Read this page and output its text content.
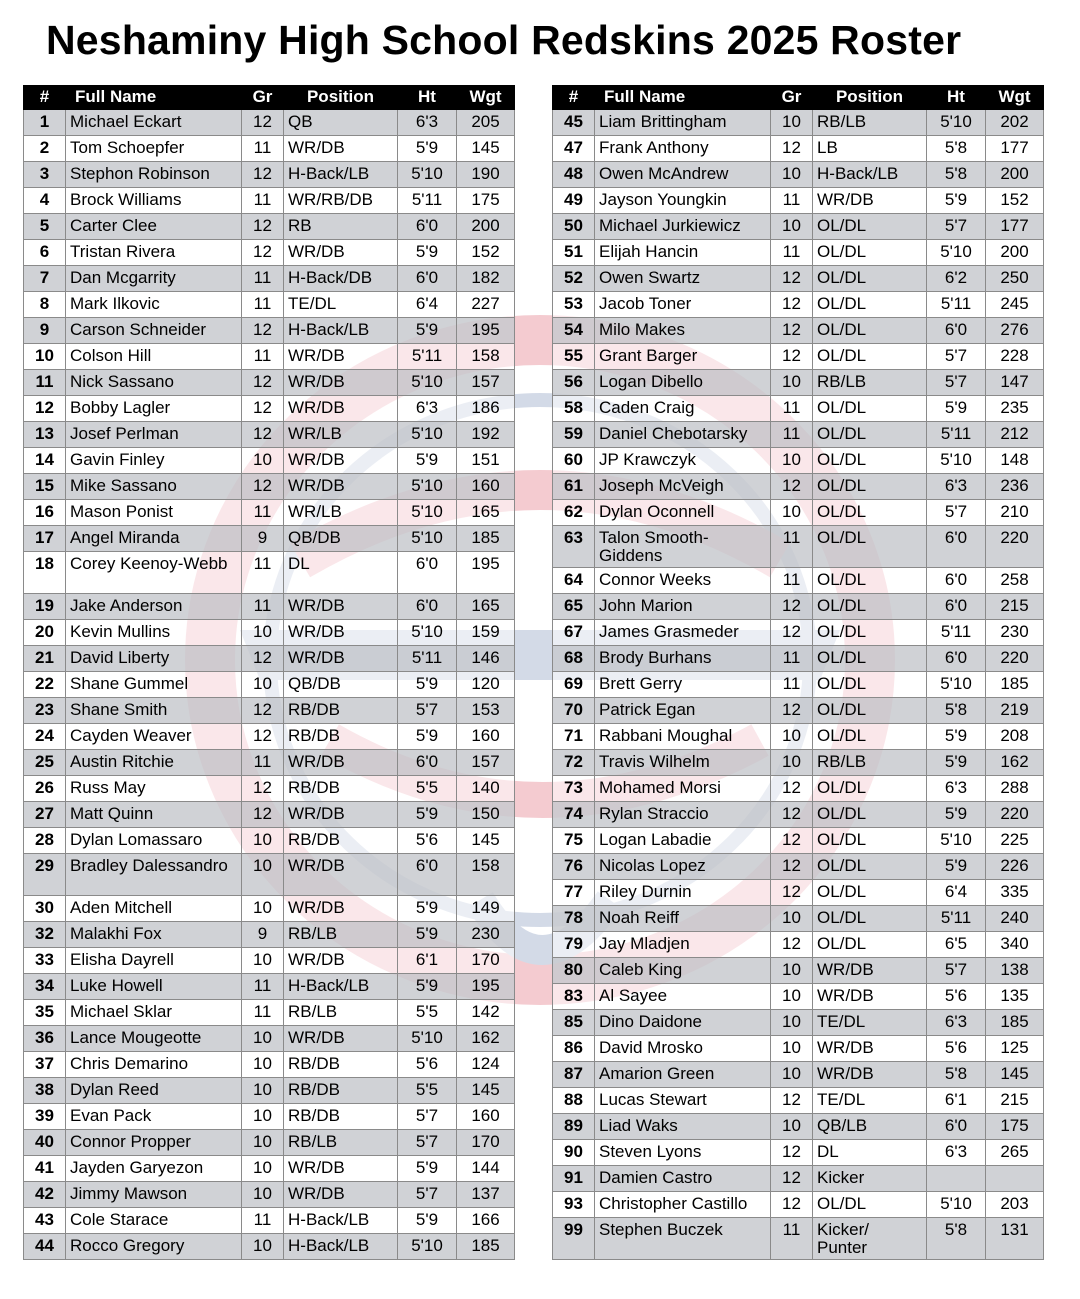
Neshaminy High School Redskins 2025 Roster
#	Full Name	Gr	Position	Ht	Wgt
1	Michael Eckart	12	QB	6'3	205
2	Tom Schoepfer	11	WR/DB	5'9	145
3	Stephon Robinson	12	H-Back/LB	5'10	190
4	Brock Williams	11	WR/RB/DB	5'11	175
5	Carter Clee	12	RB	6'0	200
6	Tristan Rivera	12	WR/DB	5'9	152
7	Dan Mcgarrity	11	H-Back/DB	6'0	182
8	Mark Ilkovic	11	TE/DL	6'4	227
9	Carson Schneider	12	H-Back/LB	5'9	195
10	Colson Hill	11	WR/DB	5'11	158
11	Nick Sassano	12	WR/DB	5'10	157
12	Bobby Lagler	12	WR/DB	6'3	186
13	Josef Perlman	12	WR/LB	5'10	192
14	Gavin Finley	10	WR/DB	5'9	151
15	Mike Sassano	12	WR/DB	5'10	160
16	Mason Ponist	11	WR/LB	5'10	165
17	Angel Miranda	9	QB/DB	5'10	185
18	Corey Keenoy-Webb	11	DL	6'0	195
19	Jake Anderson	11	WR/DB	6'0	165
20	Kevin Mullins	10	WR/DB	5'10	159
21	David Liberty	12	WR/DB	5'11	146
22	Shane Gummel	10	QB/DB	5'9	120
23	Shane Smith	12	RB/DB	5'7	153
24	Cayden Weaver	12	RB/DB	5'9	160
25	Austin Ritchie	11	WR/DB	6'0	157
26	Russ May	12	RB/DB	5'5	140
27	Matt Quinn	12	WR/DB	5'9	150
28	Dylan Lomassaro	10	RB/DB	5'6	145
29	Bradley Dalessandro	10	WR/DB	6'0	158
30	Aden Mitchell	10	WR/DB	5'9	149
32	Malakhi Fox	9	RB/LB	5'9	230
33	Elisha Dayrell	10	WR/DB	6'1	170
34	Luke Howell	11	H-Back/LB	5'9	195
35	Michael Sklar	11	RB/LB	5'5	142
36	Lance Mougeotte	10	WR/DB	5'10	162
37	Chris Demarino	10	RB/DB	5'6	124
38	Dylan Reed	10	RB/DB	5'5	145
39	Evan Pack	10	RB/DB	5'7	160
40	Connor Propper	10	RB/LB	5'7	170
41	Jayden Garyezon	10	WR/DB	5'9	144
42	Jimmy Mawson	10	WR/DB	5'7	137
43	Cole Starace	11	H-Back/LB	5'9	166
44	Rocco Gregory	10	H-Back/LB	5'10	185
#	Full Name	Gr	Position	Ht	Wgt
45	Liam Brittingham	10	RB/LB	5'10	202
47	Frank Anthony	12	LB	5'8	177
48	Owen McAndrew	10	H-Back/LB	5'8	200
49	Jayson Youngkin	11	WR/DB	5'9	152
50	Michael Jurkiewicz	10	OL/DL	5'7	177
51	Elijah Hancin	11	OL/DL	5'10	200
52	Owen Swartz	12	OL/DL	6'2	250
53	Jacob Toner	12	OL/DL	5'11	245
54	Milo Makes	12	OL/DL	6'0	276
55	Grant Barger	12	OL/DL	5'7	228
56	Logan Dibello	10	RB/LB	5'7	147
58	Caden Craig	11	OL/DL	5'9	235
59	Daniel Chebotarsky	11	OL/DL	5'11	212
60	JP Krawczyk	10	OL/DL	5'10	148
61	Joseph McVeigh	12	OL/DL	6'3	236
62	Dylan Oconnell	10	OL/DL	5'7	210
63	Talon Smooth-Giddens	11	OL/DL	6'0	220
64	Connor Weeks	11	OL/DL	6'0	258
65	John Marion	12	OL/DL	6'0	215
67	James Grasmeder	12	OL/DL	5'11	230
68	Brody Burhans	11	OL/DL	6'0	220
69	Brett Gerry	11	OL/DL	5'10	185
70	Patrick Egan	12	OL/DL	5'8	219
71	Rabbani Moughal	10	OL/DL	5'9	208
72	Travis Wilhelm	10	RB/LB	5'9	162
73	Mohamed Morsi	12	OL/DL	6'3	288
74	Rylan Straccio	12	OL/DL	5'9	220
75	Logan Labadie	12	OL/DL	5'10	225
76	Nicolas Lopez	12	OL/DL	5'9	226
77	Riley Durnin	12	OL/DL	6'4	335
78	Noah Reiff	10	OL/DL	5'11	240
79	Jay Mladjen	12	OL/DL	6'5	340
80	Caleb King	10	WR/DB	5'7	138
83	Al Sayee	10	WR/DB	5'6	135
85	Dino Daidone	10	TE/DL	6'3	185
86	David Mrosko	10	WR/DB	5'6	125
87	Amarion Green	10	WR/DB	5'8	145
88	Lucas Stewart	12	TE/DL	6'1	215
89	Liad Waks	10	QB/LB	6'0	175
90	Steven Lyons	12	DL	6'3	265
91	Damien Castro	12	Kicker		
93	Christopher Castillo	12	OL/DL	5'10	203
99	Stephen Buczek	11	Kicker/ Punter	5'8	131
